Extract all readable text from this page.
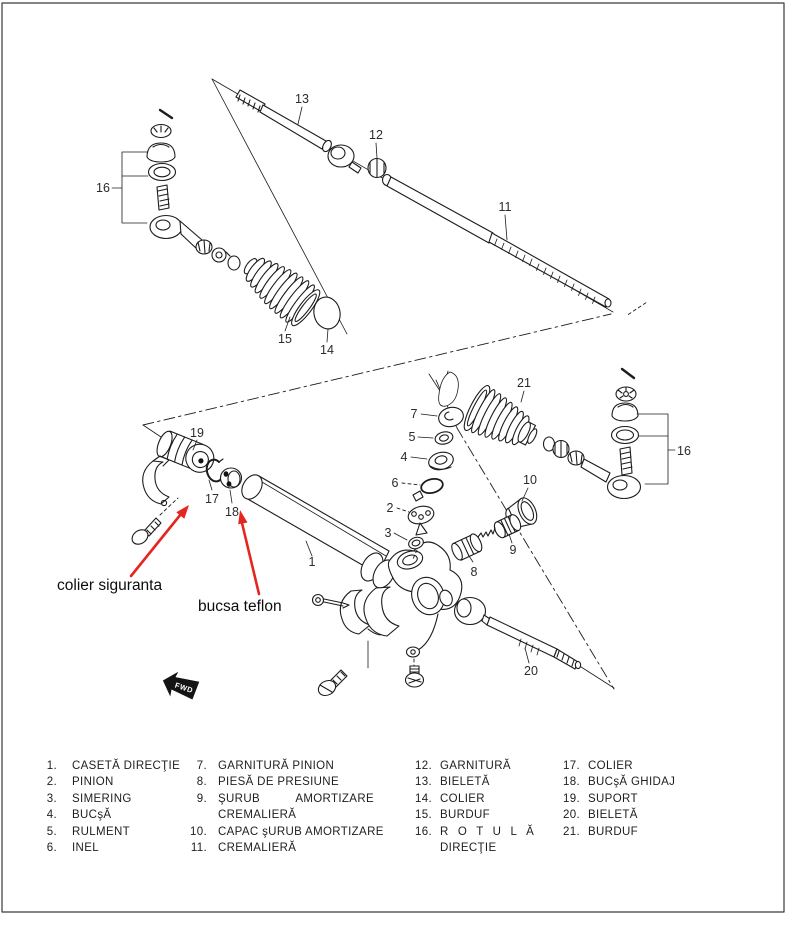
13
12
11
16
15
14
19
17
18
7
5
4
6
2
3
21
10
9
8
1
20
16
FWD
colier siguranta
bucsa teflon
1. CASETĂ DIRECŢIE
2. PINION
3. SIMERING
4. BUCşĂ
5. RULMENT
6. INEL
7. GARNITURĂ PINION
8. PIESĂ DE PRESIUNE
9. ŞURUB	AMORTIZARE
CREMALIERĂ
10. CAPAC şURUB AMORTIZARE
11. CREMALIERĂ
12. GARNITURĂ
13. BIELETĂ
14. COLIER
15. BURDUF
16. R O T U L Ă
DIRECŢIE
17. COLIER
18. BUCşĂ GHIDAJ
19. SUPORT
20. BIELETĂ
21. BURDUF
